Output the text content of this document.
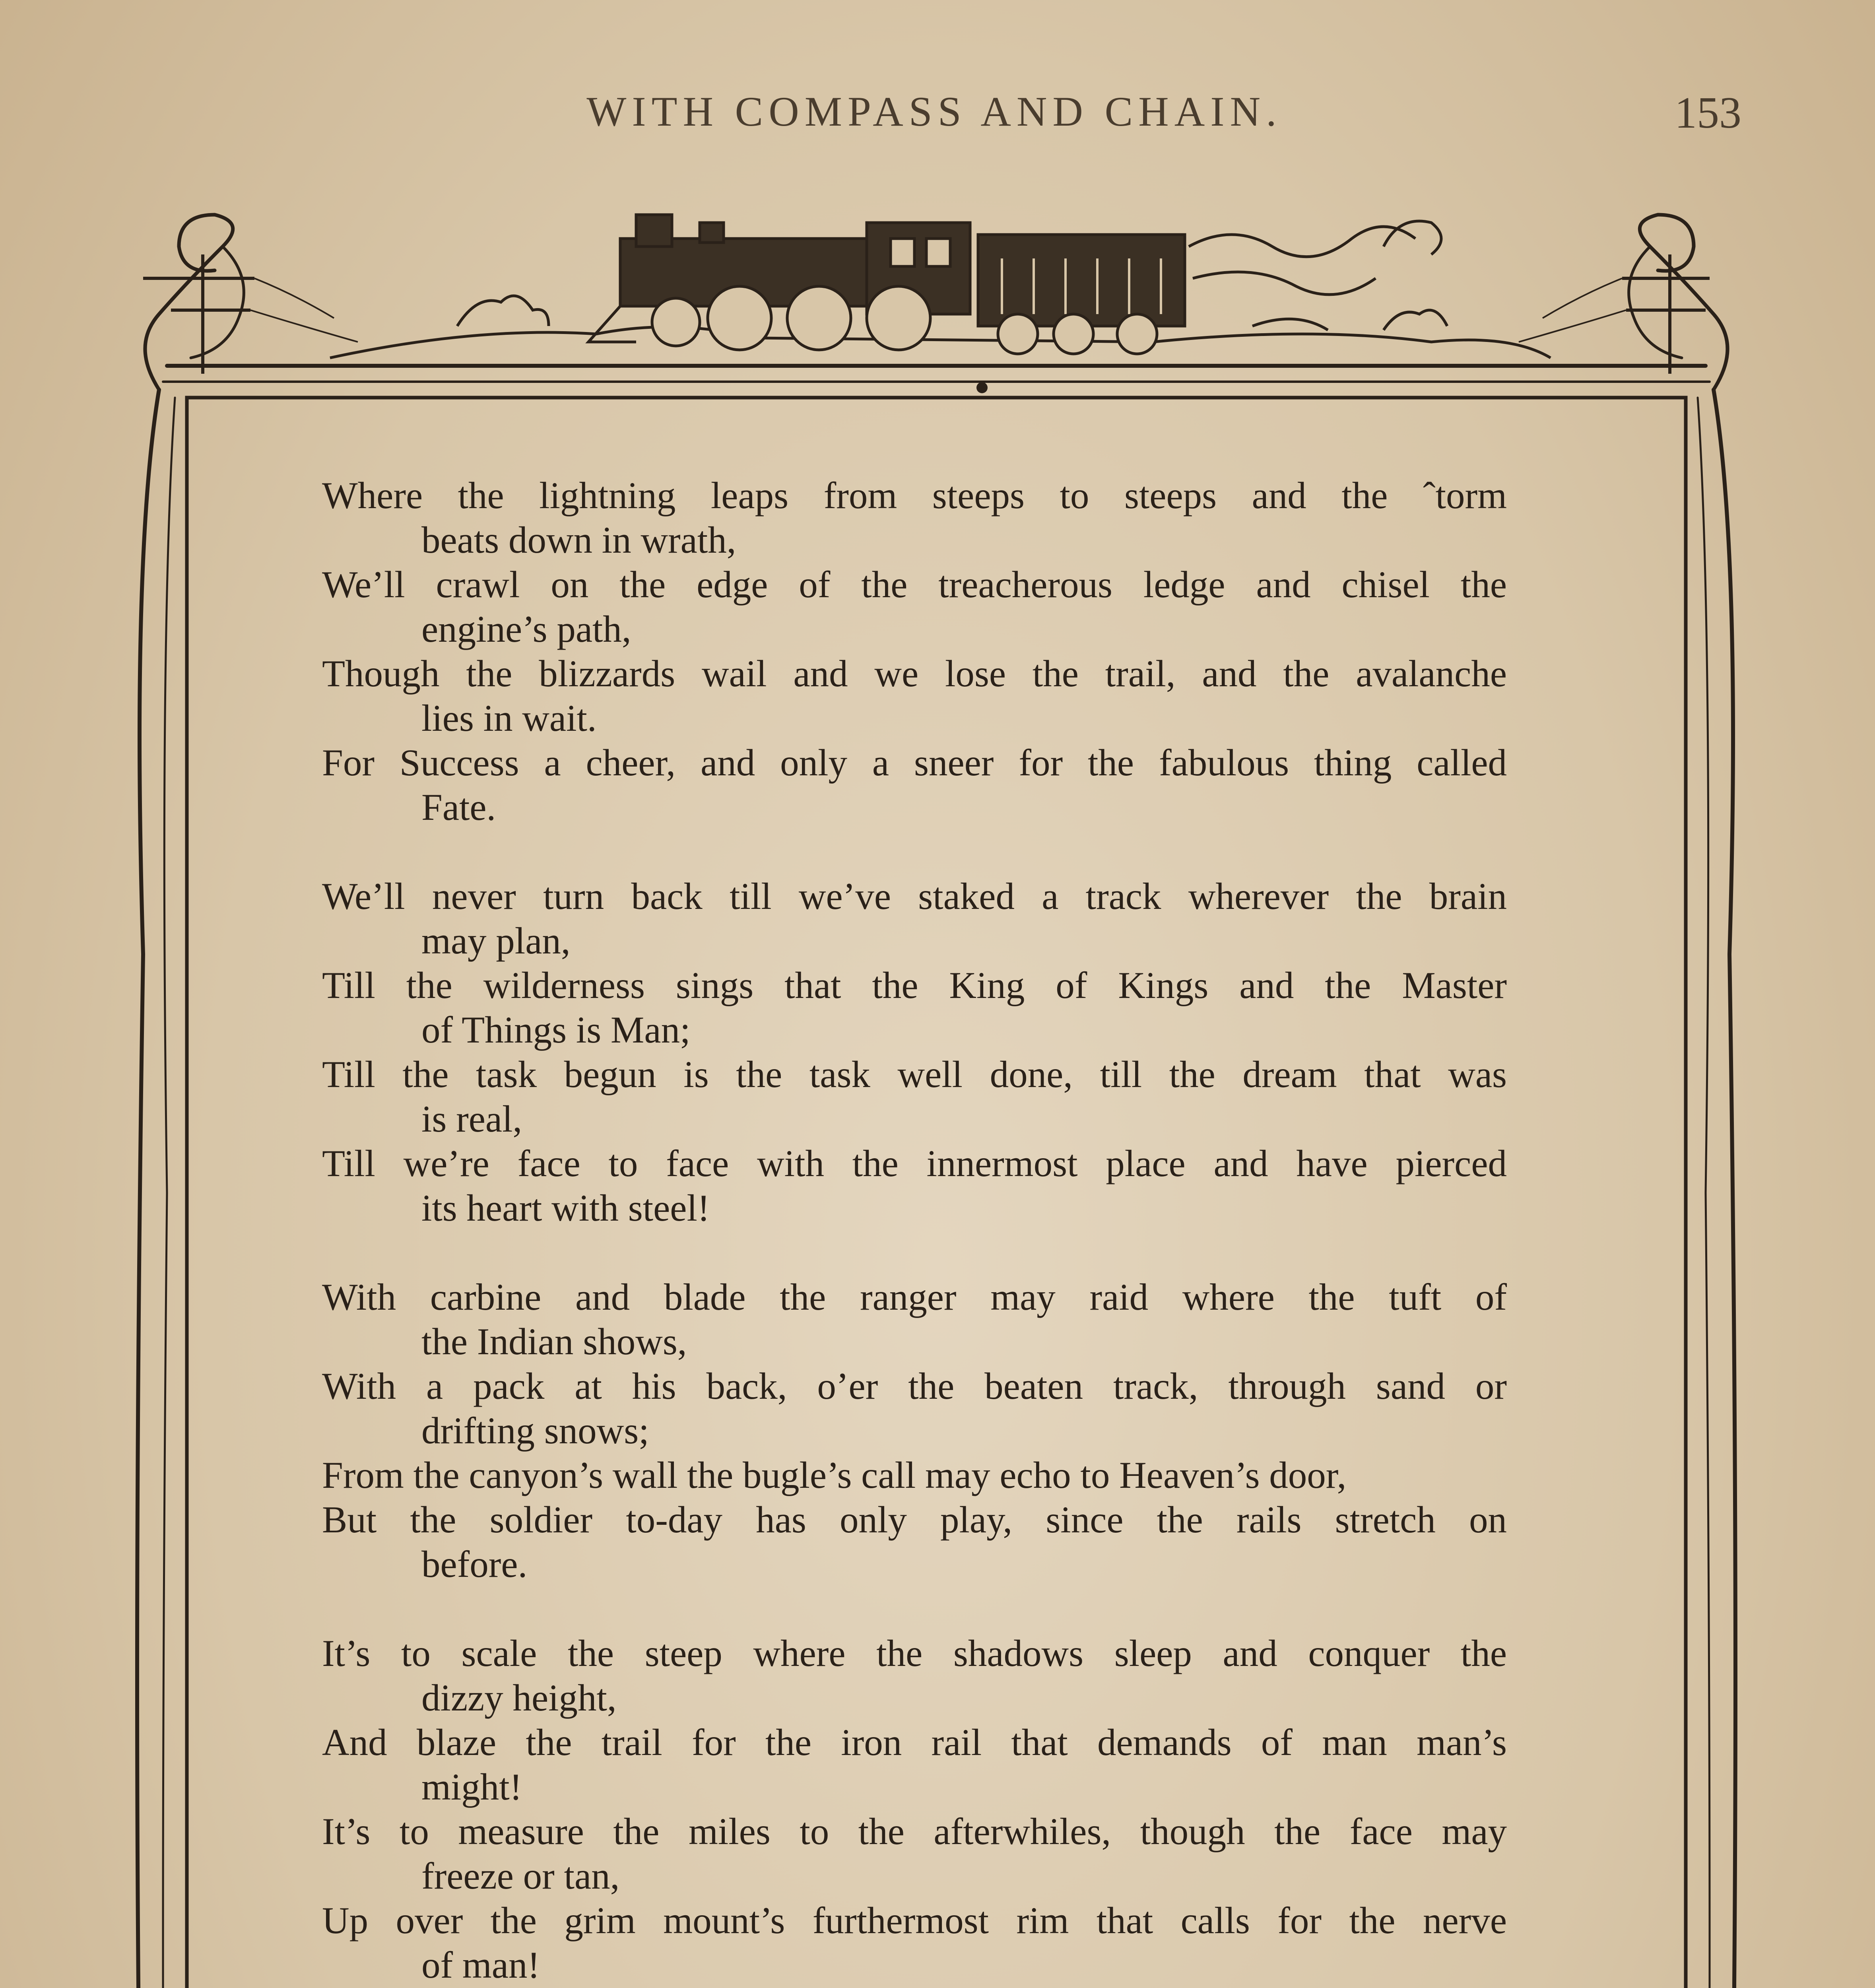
WITH COMPASS AND CHAIN.	153
Where the lightning leaps from steeps to steeps and the ˆtorm
beats down in wrath,
We’ll crawl on the edge of the treacherous ledge and chisel the
engine’s path,
Though the blizzards wail and we lose the trail, and the avalanche
lies in wait.
For Success a cheer, and only a sneer for the fabulous thing called
Fate.
We’ll never turn back till we’ve staked a track wherever the brain
may plan,
Till the wilderness sings that the King of Kings and the Master
of Things is Man;
Till the task begun is the task well done, till the dream that was
is real,
Till we’re face to face with the innermost place and have pierced
its heart with steel!
With carbine and blade the ranger may raid where the tuft of
the Indian shows,
With a pack at his back, o’er the beaten track, through sand or
drifting snows;
From the canyon’s wall the bugle’s call may echo to Heaven’s door,
But the soldier to-day has only play, since the rails stretch on
before.
It’s to scale the steep where the shadows sleep and conquer the
dizzy height,
And blaze the trail for the iron rail that demands of man man’s
might!
It’s to measure the miles to the afterwhiles, though the face may
freeze or tan,
Up over the grim mount’s furthermost rim that calls for the nerve
of man!
